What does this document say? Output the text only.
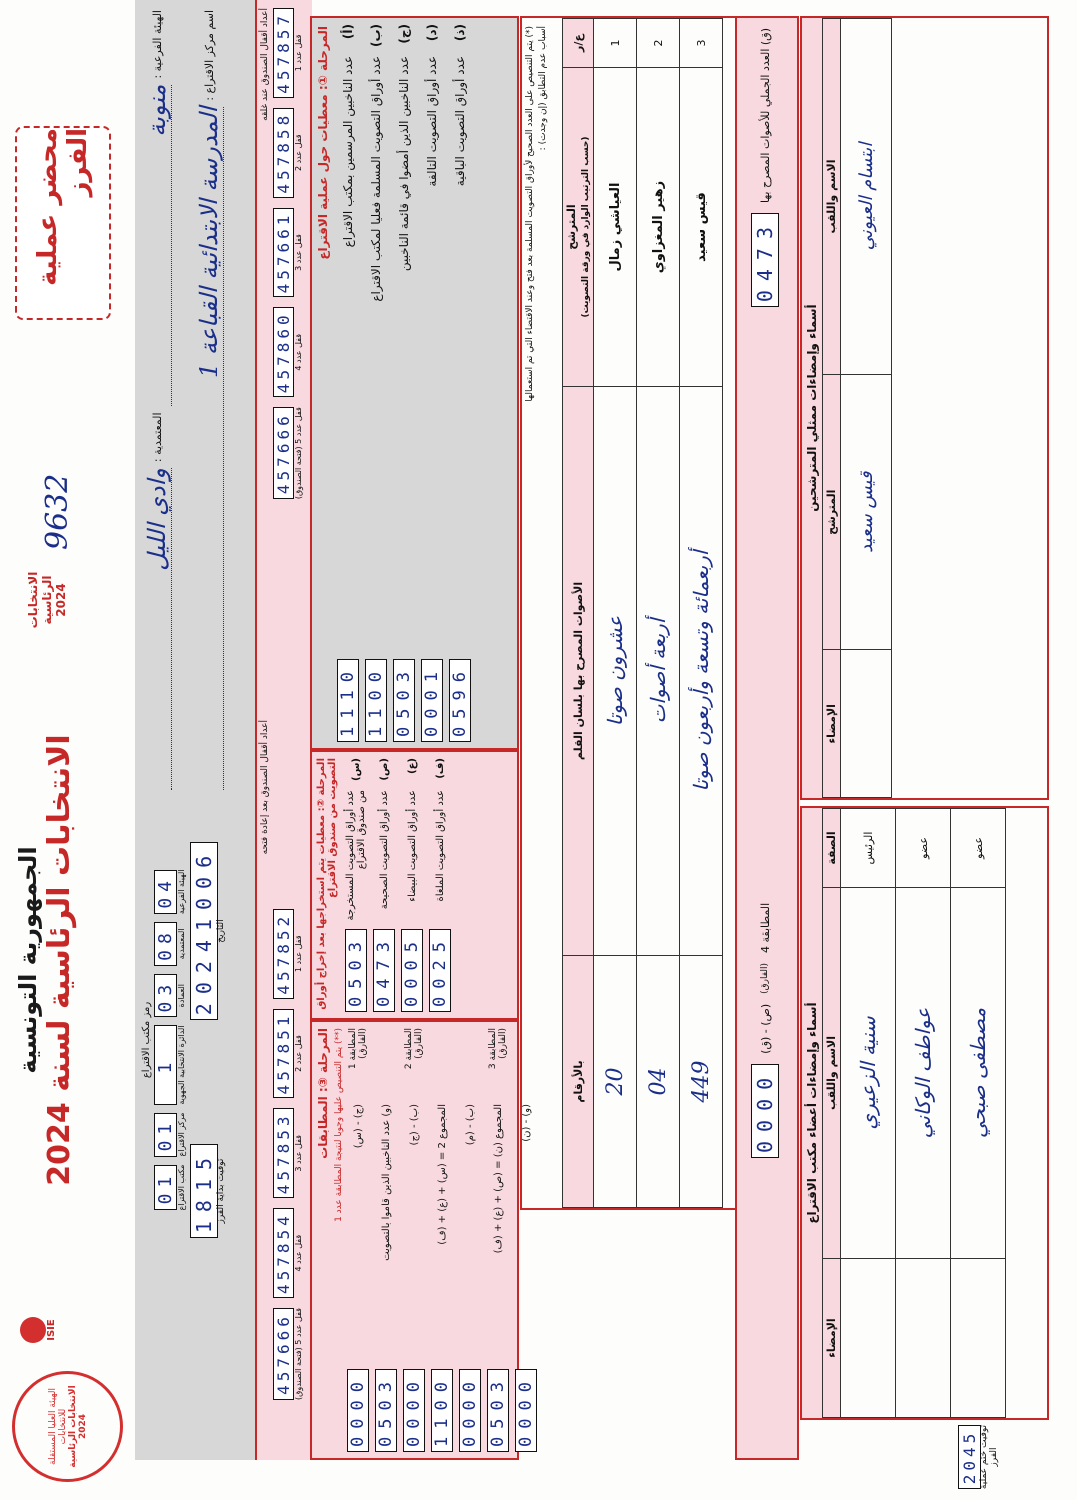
الهيئة العليا المستقلة للانتخابات الانتخابات الرئاسية 2024
ISIE
الجمهورية التونسية
الانتخابات الرئاسية لسنة 2024
الانتخابات الرئاسية 2024
9632
محضر عملية الفرز
الهيئة الفرعية :
منوبة
المعتمدية :
وادي الليل
اسم مركز الاقتراع :
المدرسة الابتدائية القباعة 1
رمز مكتب الاقتراع
04 الهيئة الفرعية
08 المعتمدية
03 العمادة
1 الدائرة الانتخابية الجهوية
01 مركز الاقتراع
01 مكتب الاقتراع
20241006 التاريخ
1815 توقيت بداية الفرز
أعداد أقفال الصندوق عند غلقه 457857 قفل عدد 1
457858 قفل عدد 2
457661 قفل عدد 3
457860 قفل عدد 4
457666 قفل عدد 5 (فتحة الصندوق)
أعداد أقفال الصندوق بعد إعادة فتحه
457852 قفل عدد 1
457851 قفل عدد 2
457853 قفل عدد 3
457854 قفل عدد 4
457666 قفل عدد 5 (فتحة الصندوق)
المرحلة ①: معطيات حول عملية الاقتراع (أ)
عدد الناخبين المرسمين بمكتب الاقتراع
1110
(ب)
عدد أوراق التصويت المسلمة فعليا لمكتب الاقتراع
1100
(ج)
عدد الناخبين الذين أمضوا في قائمة الناخبين
0503
(د)
عدد أوراق التصويت التالفة
0001
(ذ)
عدد أوراق التصويت الباقية
0596
المرحلة ②: معطيات يتم استخراجها بعد إخراج أوراق التصويت من صندوق الاقتراع	(س)
عدد أوراق التصويت المستخرجة من صندوق الاقتراع
0503
(ص)
عدد أوراق التصويت الصحيحة
0473
(ع)
عدد أوراق التصويت البيضاء
0005
(ف)
عدد أوراق التصويت الملغاة
0025
المرحلة ③: المطابقات
(**) يتم التنصيص عليها وجوبا لنتيجة المطابقة عدد 1 المطابقة 1 (الفارق)
(ج) - (س)
0000
(و) عدد الناخبين الذين قاموا بالتصويت
0503
المطابقة 2 (الفارق)
(ب) - (ج)
0000
المجموع 2 = (س) + (ع) + (ف)
1100
(ب) - (م)
0000
المطابقة 3 (الفارق)
المجموع (ن) = (ص) + (ع) + (ف)
0503
(و) - (ن)
0000
(*) يتم التنصيص على العدد الصحيح لأوراق التصويت المسلمة بعد فتح وعند الاقتضاء التي تم استعمالها أسباب عدم التطابق (إن وجدت) : ع/ر	المترشح (حسب الترتيب الوارد في ورقة التصويت)	الأصوات المصرح بها بلسان القلم	بالأرقام
1	العياشي زمال	عشرون صوتا	20
2	زهير المغزاوي	أربعة أصوات	04
3	قيس سعيد	أربعمائة وتسعة وأربعون صوتا	449
(ق) العدد الجملي للأصوات المصرح بها
0473
المطابقة 4
(الفارق)
(ص) - (ق)
0000
أسماء وإمضاءات ممثلي المترشحين
الاسم واللقب	المترشح	الإمضاء
ابتسام العيوني	قيس سعيد	
أسماء وإمضاءات أعضاء مكتب الاقتراع
الصفة	الاسم واللقب	الإمضاء
الرئيس	سنية الزعيري	
عضو	عواطف الوكاني	
عضو	مصطفى صبحي	
2045 توقيت ختم عملية الفرز
